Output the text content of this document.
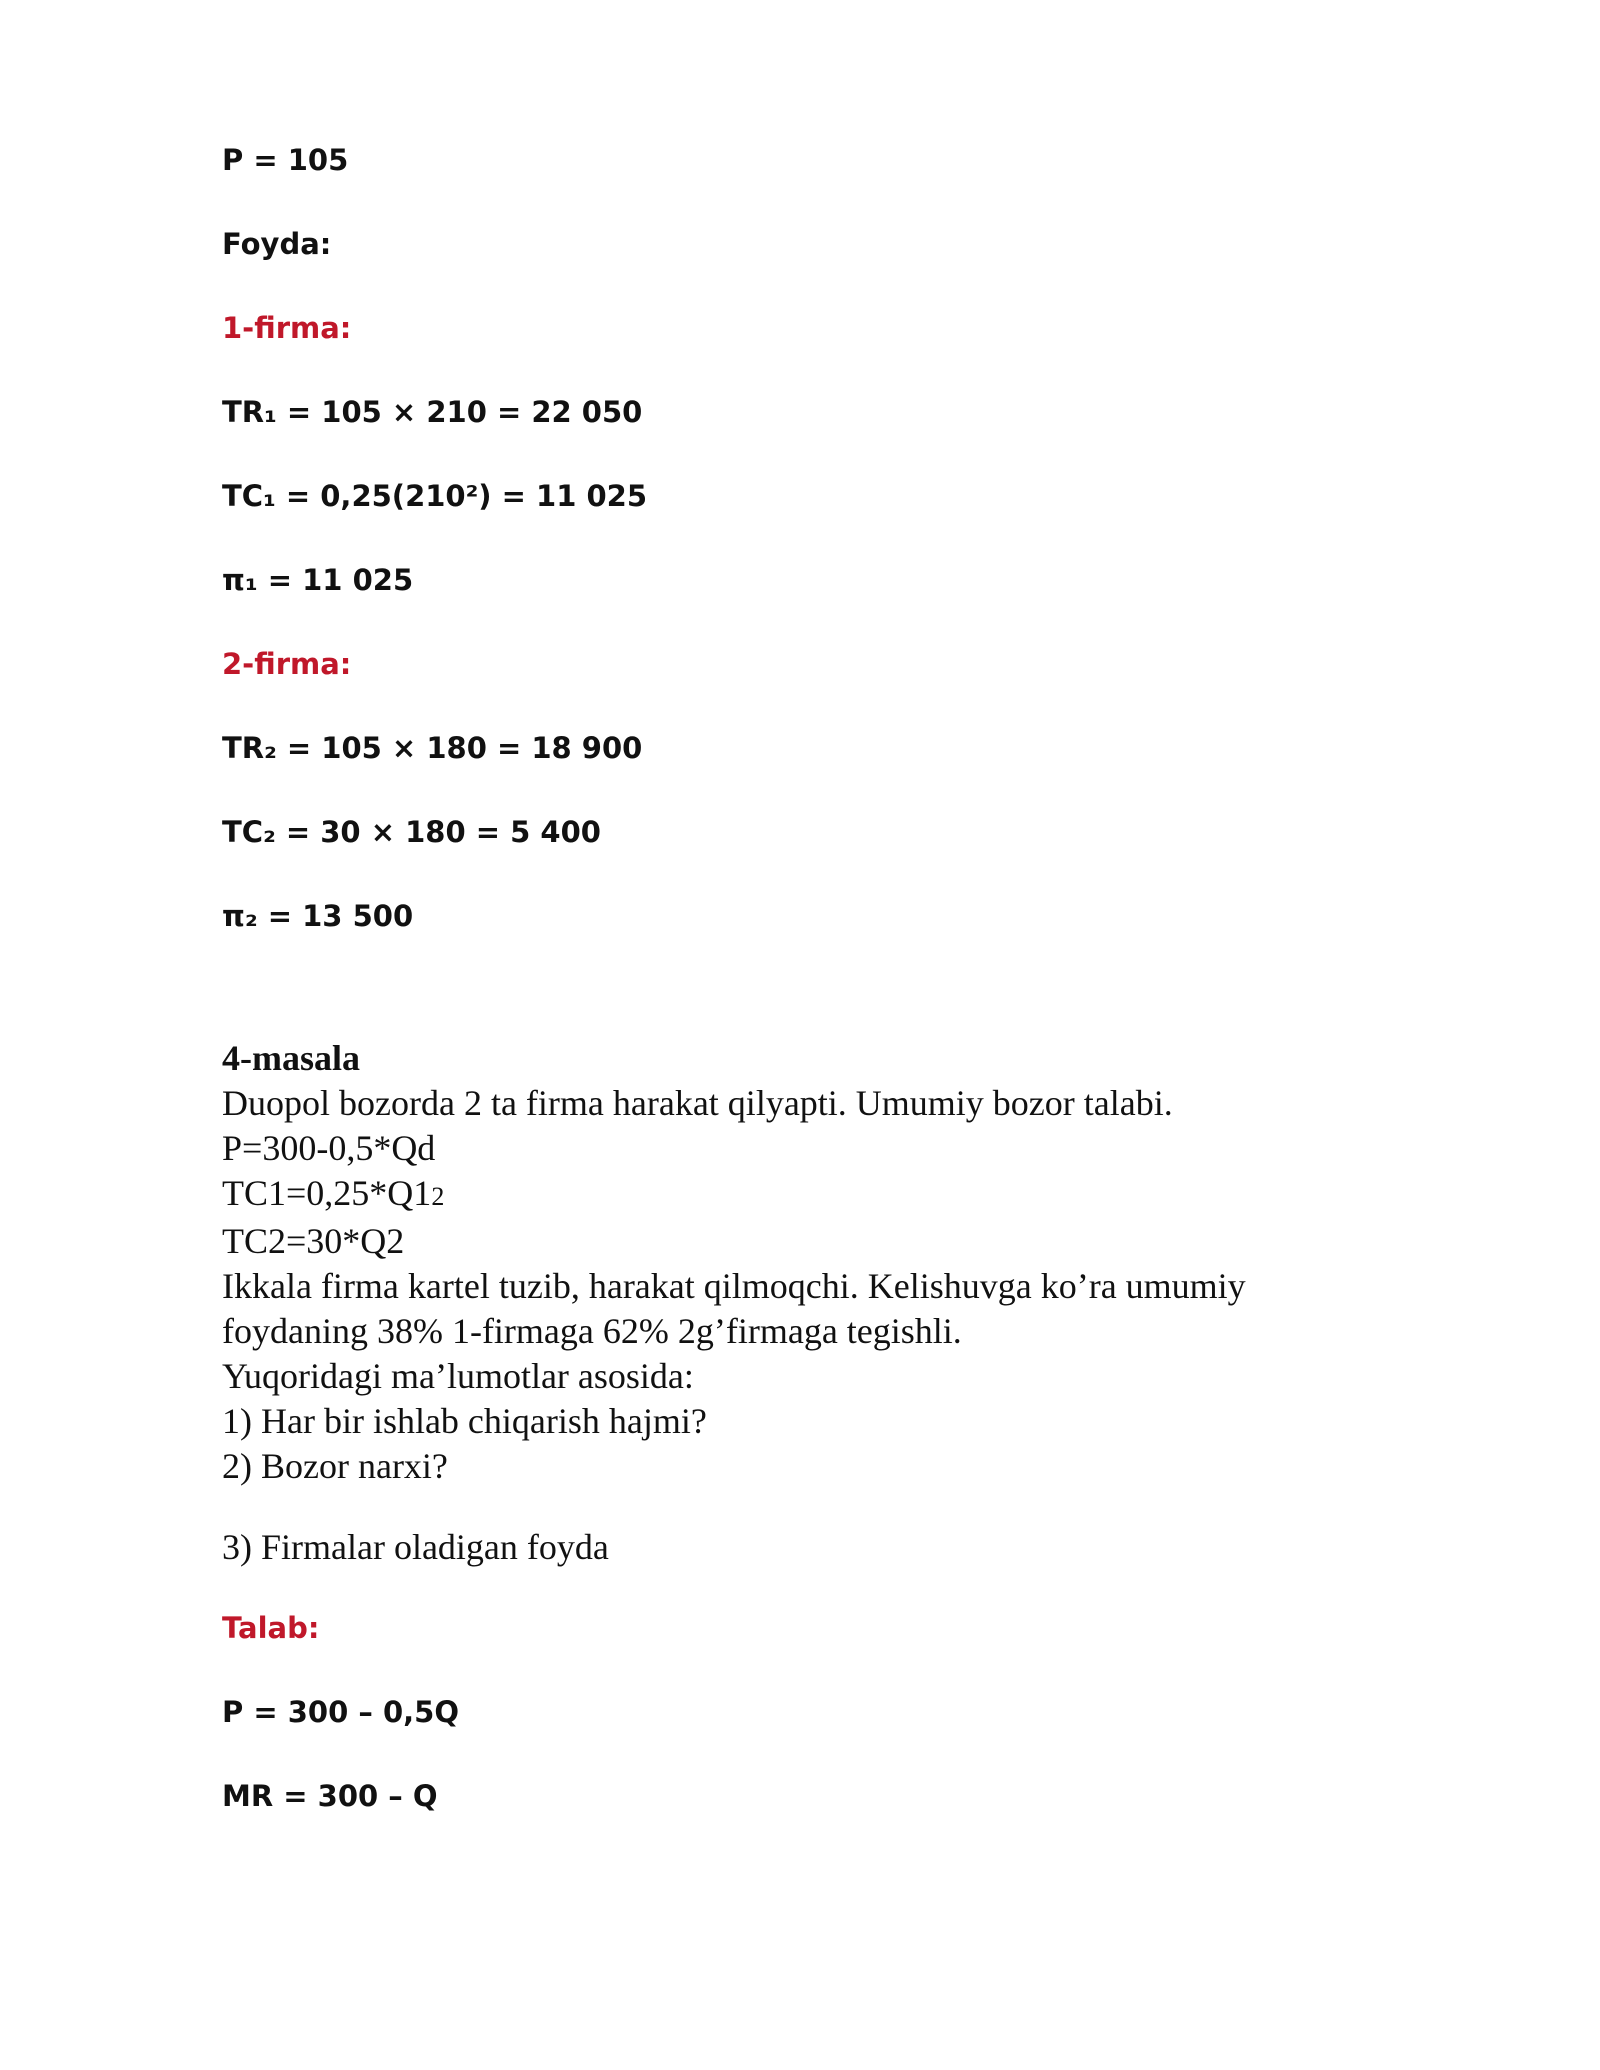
P = 105
Foyda:
1-firma:
TR₁ = 105 × 210 = 22 050
TC₁ = 0,25(210²) = 11 025
π₁ = 11 025
2-firma:
TR₂ = 105 × 180 = 18 900
TC₂ = 30 × 180 = 5 400
π₂ = 13 500
4-masala
Duopol bozorda 2 ta firma harakat qilyapti. Umumiy bozor talabi.
P=300-0,5*Qd
TC1=0,25*Q12
TC2=30*Q2
Ikkala firma kartel tuzib, harakat qilmoqchi. Kelishuvga ko’ra umumiy
foydaning 38% 1-firmaga 62% 2g’firmaga tegishli.
Yuqoridagi ma’lumotlar asosida:
1) Har bir ishlab chiqarish hajmi?
2) Bozor narxi?
3) Firmalar oladigan foyda
Talab:
P = 300 – 0,5Q
MR = 300 – Q
